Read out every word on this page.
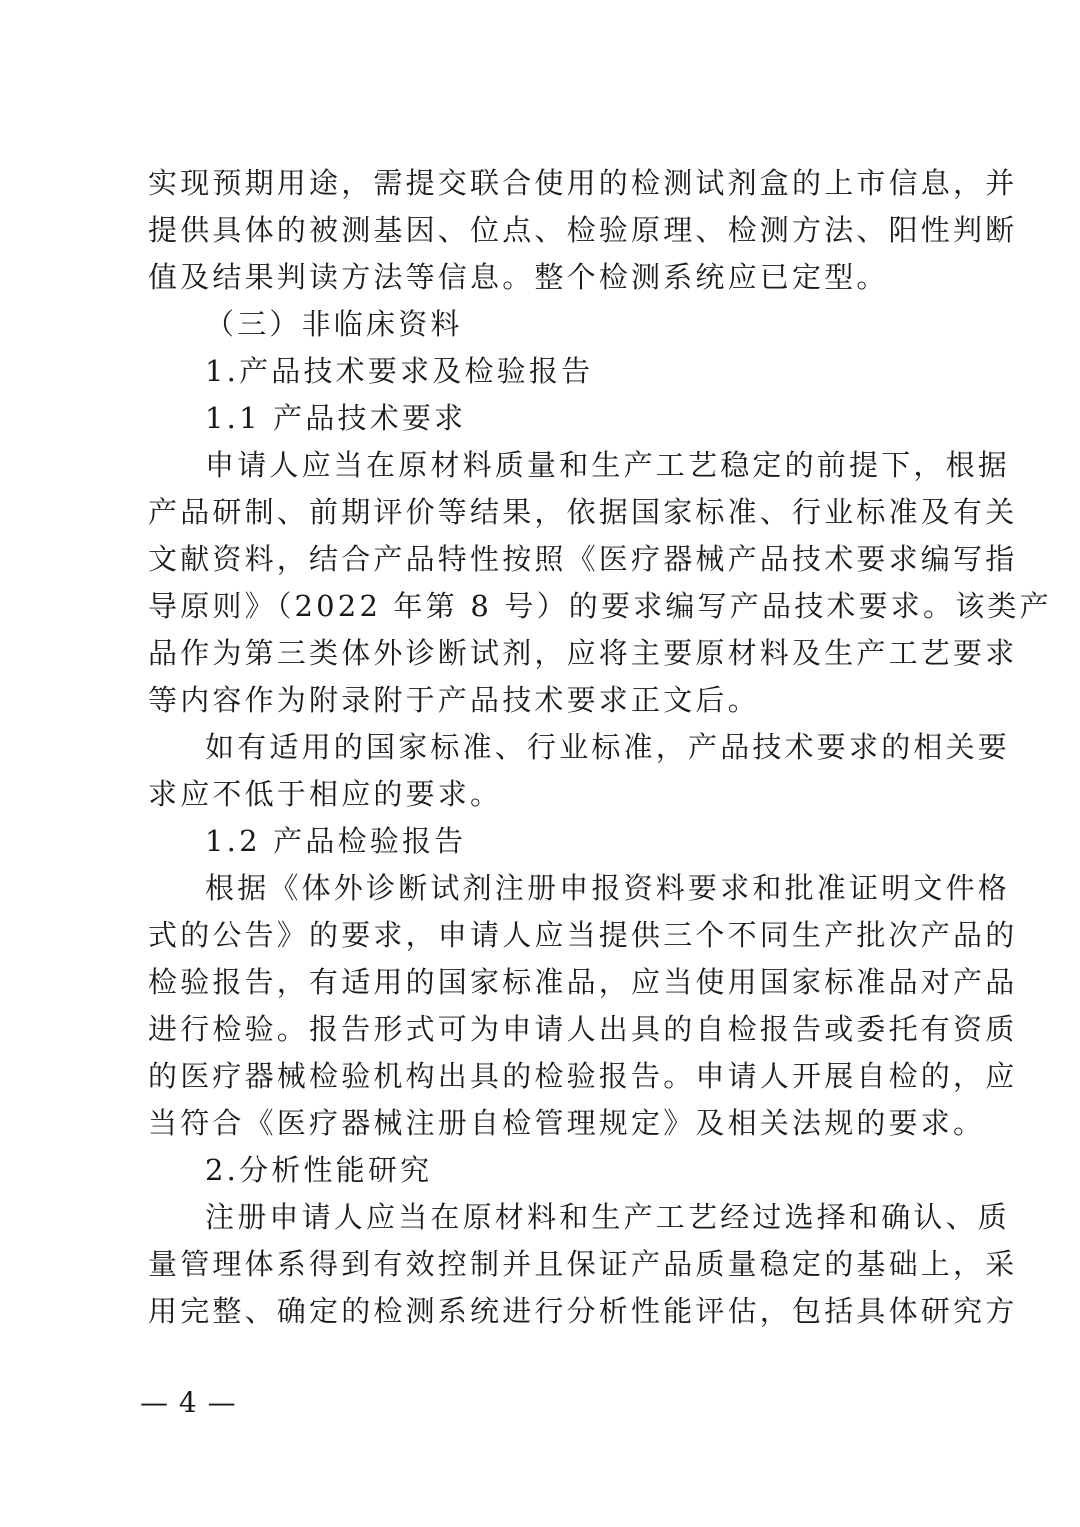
实现预期用途，需提交联合使用的检测试剂盒的上市信息，并
提供具体的被测基因、位点、检验原理、检测方法、阳性判断
值及结果判读方法等信息。整个检测系统应已定型。
（三）非临床资料
1.产品技术要求及检验报告
1.1 产品技术要求
申请人应当在原材料质量和生产工艺稳定的前提下，根据
产品研制、前期评价等结果，依据国家标准、行业标准及有关
文献资料，结合产品特性按照《医疗器械产品技术要求编写指
导原则》（2022 年第 8 号）的要求编写产品技术要求。该类产
品作为第三类体外诊断试剂，应将主要原材料及生产工艺要求
等内容作为附录附于产品技术要求正文后。
如有适用的国家标准、行业标准，产品技术要求的相关要
求应不低于相应的要求。
1.2 产品检验报告
根据《体外诊断试剂注册申报资料要求和批准证明文件格
式的公告》的要求，申请人应当提供三个不同生产批次产品的
检验报告，有适用的国家标准品，应当使用国家标准品对产品
进行检验。报告形式可为申请人出具的自检报告或委托有资质
的医疗器械检验机构出具的检验报告。申请人开展自检的，应
当符合《医疗器械注册自检管理规定》及相关法规的要求。
2.分析性能研究
注册申请人应当在原材料和生产工艺经过选择和确认、质
量管理体系得到有效控制并且保证产品质量稳定的基础上，采
用完整、确定的检测系统进行分析性能评估，包括具体研究方
— 4 —
